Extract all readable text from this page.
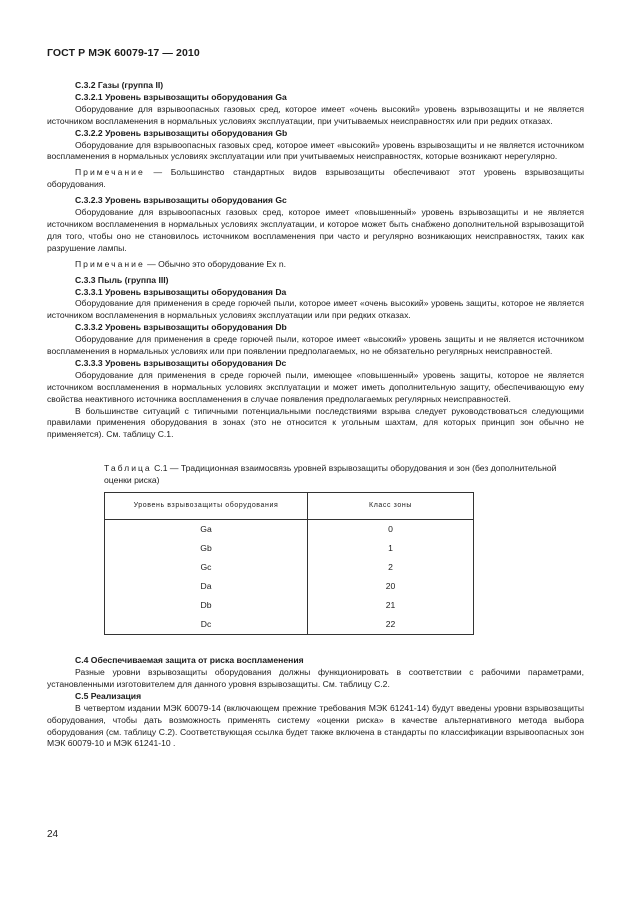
ГОСТ Р МЭК 60079-17 — 2010

С.3.2 Газы (группа II)

С.3.2.1 Уровень взрывозащиты оборудования Ga

Оборудование для взрывоопасных газовых сред, которое имеет «очень высокий» уровень взрывозащиты и не является источником воспламенения в нормальных условиях эксплуатации, при учитываемых неисправностях или при редких отказах.

С.3.2.2 Уровень взрывозащиты оборудования Gb

Оборудование для взрывоопасных газовых сред, которое имеет «высокий» уровень взрывозащиты и не является источником воспламенения в нормальных условиях эксплуатации или при учитываемых неисправностях, которые возникают нерегулярно.

Примечание — Большинство стандартных видов взрывозащиты обеспечивают этот уровень взрывозащиты оборудования.

С.3.2.3 Уровень взрывозащиты оборудования Gc

Оборудование для взрывоопасных газовых сред, которое имеет «повышенный» уровень взрывозащиты и не является источником воспламенения в нормальных условиях эксплуатации, и которое может быть снабжено дополнительной взрывозащитой для того, чтобы оно не становилось источником воспламенения при часто и регулярно возникающих неисправностях, таких как разрушение лампы.

Примечание — Обычно это оборудование Ex n.

С.3.3 Пыль (группа III)

С.3.3.1 Уровень взрывозащиты оборудования Da

Оборудование для применения в среде горючей пыли, которое имеет «очень высокий» уровень защиты, которое не является источником воспламенения в нормальных условиях эксплуатации или при редких отказах.

С.3.3.2 Уровень взрывозащиты оборудования Db

Оборудование для применения в среде горючей пыли, которое имеет «высокий» уровень защиты и не является источником воспламенения в нормальных условиях или при появлении предполагаемых, но не обязательно регулярных неисправностей.

С.3.3.3 Уровень взрывозащиты оборудования Dc

Оборудование для применения в среде горючей пыли, имеющее «повышенный» уровень защиты, которое не является источником воспламенения в нормальных условиях эксплуатации и может иметь дополнительную защиту, обеспечивающую ему свойства неактивного источника воспламенения в случае появления предполагаемых регулярных неисправностей.

В большинстве ситуаций с типичными потенциальными последствиями взрыва следует руководствоваться следующими правилами применения оборудования в зонах (это не относится к угольным шахтам, для которых принцип зон обычно не применяется). См. таблицу С.1.

Таблица С.1 — Традиционная взаимосвязь уровней взрывозащиты оборудования и зон (без дополнительной оценки риска)
Уровень взрывозащиты оборудования	Класс зоны
Ga	0
Gb	1
Gc	2
Da	20
Db	21
Dc	22

С.4 Обеспечиваемая защита от риска воспламенения

Разные уровни взрывозащиты оборудования должны функционировать в соответствии с рабочими параметрами, установленными изготовителем для данного уровня взрывозащиты. См. таблицу С.2.

С.5 Реализация

В четвертом издании МЭК 60079-14 (включающем прежние требования МЭК 61241-14) будут введены уровни взрывозащиты оборудования, чтобы дать возможность применять систему «оценки риска» в качестве альтернативного метода выбора оборудования (см. таблицу С.2). Соответствующая ссылка будет также включена в стандарты по классификации взрывоопасных зон МЭК 60079-10 и МЭК 61241-10 .

24
